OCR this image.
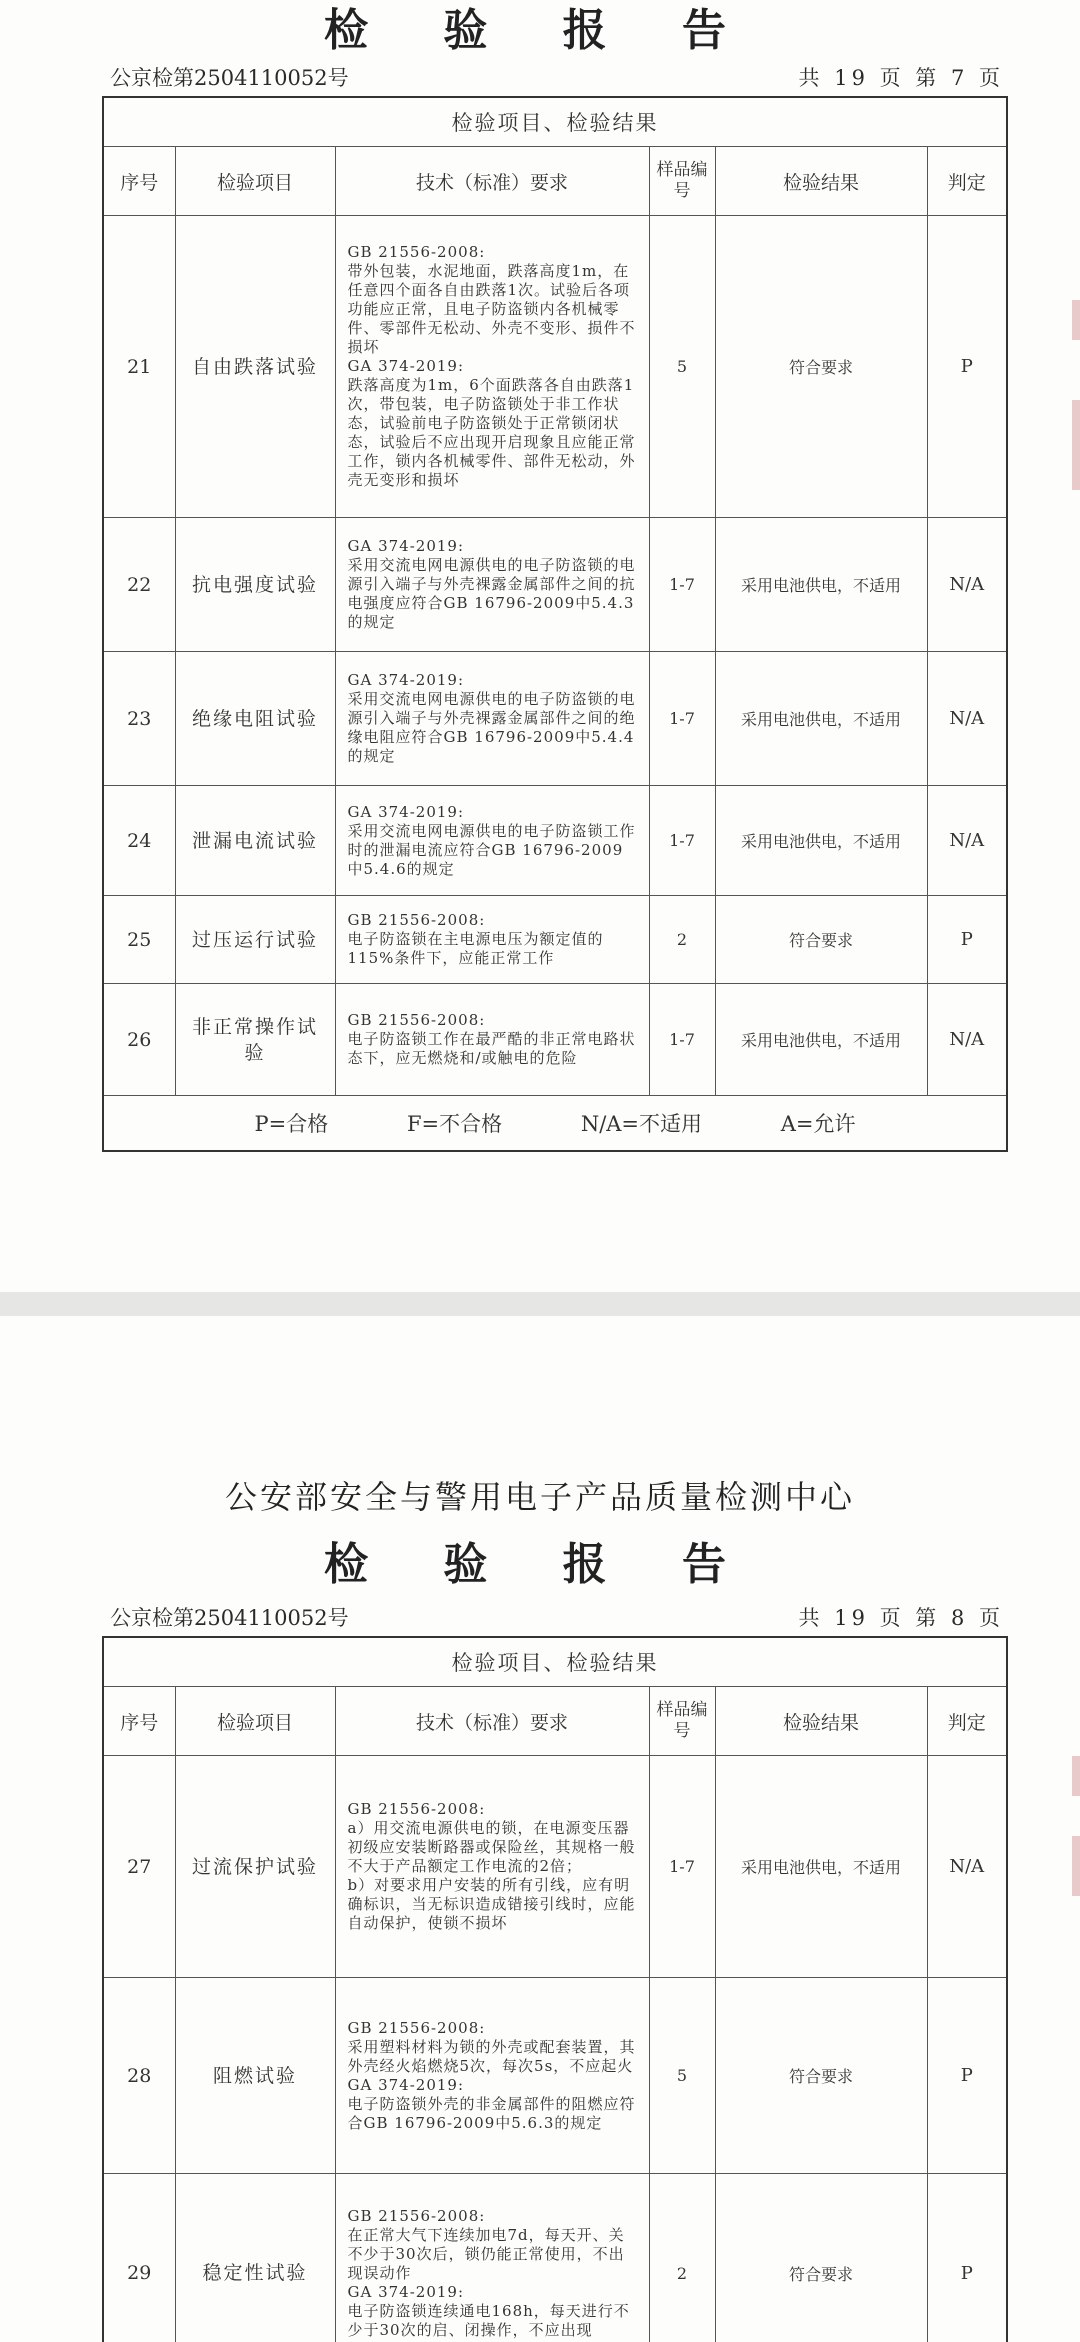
检 验 报 告
公京检第2504110052号	共 19 页 第 7 页
检验项目、检验结果					
序号	检验项目	技术（标准）要求	样品编号	检验结果	判定
21	自由跌落试验	GB 21556-2008:
带外包装，水泥地面，跌落高度1m，在任意四个面各自由跌落1次。试验后各项功能应正常，且电子防盗锁内各机械零件、零部件无松动、外壳不变形、损件不损坏
GA 374-2019:
跌落高度为1m，6个面跌落各自由跌落1次，带包装，电子防盗锁处于非工作状态，试验前电子防盗锁处于正常锁闭状态，试验后不应出现开启现象且应能正常工作，锁内各机械零件、部件无松动，外壳无变形和损坏	5	符合要求	P
22	抗电强度试验	GA 374-2019:
采用交流电网电源供电的电子防盗锁的电源引入端子与外壳裸露金属部件之间的抗电强度应符合GB 16796-2009中5.4.3的规定	1-7	采用电池供电，不适用	N/A
23	绝缘电阻试验	GA 374-2019:
采用交流电网电源供电的电子防盗锁的电源引入端子与外壳裸露金属部件之间的绝缘电阻应符合GB 16796-2009中5.4.4的规定	1-7	采用电池供电，不适用	N/A
24	泄漏电流试验	GA 374-2019:
采用交流电网电源供电的电子防盗锁工作时的泄漏电流应符合GB 16796-2009中5.4.6的规定	1-7	采用电池供电，不适用	N/A
25	过压运行试验	GB 21556-2008:
电子防盗锁在主电源电压为额定值的115%条件下，应能正常工作	2	符合要求	P
26	非正常操作试验	GB 21556-2008:
电子防盗锁工作在最严酷的非正常电路状态下，应无燃烧和/或触电的危险	1-7	采用电池供电，不适用	N/A
P=合格 F=不合格 N/A=不适用 A=允许					
公安部安全与警用电子产品质量检测中心
检 验 报 告
公京检第2504110052号	共 19 页 第 8 页
检验项目、检验结果					
序号	检验项目	技术（标准）要求	样品编号	检验结果	判定
27	过流保护试验	GB 21556-2008:
a）用交流电源供电的锁，在电源变压器初级应安装断路器或保险丝，其规格一般不大于产品额定工作电流的2倍；
b）对要求用户安装的所有引线，应有明确标识，当无标识造成错接引线时，应能自动保护，使锁不损坏	1-7	采用电池供电，不适用	N/A
28	阻燃试验	GB 21556-2008:
采用塑料材料为锁的外壳或配套装置，其外壳经火焰燃烧5次，每次5s，不应起火
GA 374-2019:
电子防盗锁外壳的非金属部件的阻燃应符合GB 16796-2009中5.6.3的规定	5	符合要求	P
29	稳定性试验	GB 21556-2008:
在正常大气下连续加电7d，每天开、关不少于30次后，锁仍能正常使用，不出现误动作
GA 374-2019:
电子防盗锁连续通电168h，每天进行不少于30次的启、闭操作，不应出现	2	符合要求	P
